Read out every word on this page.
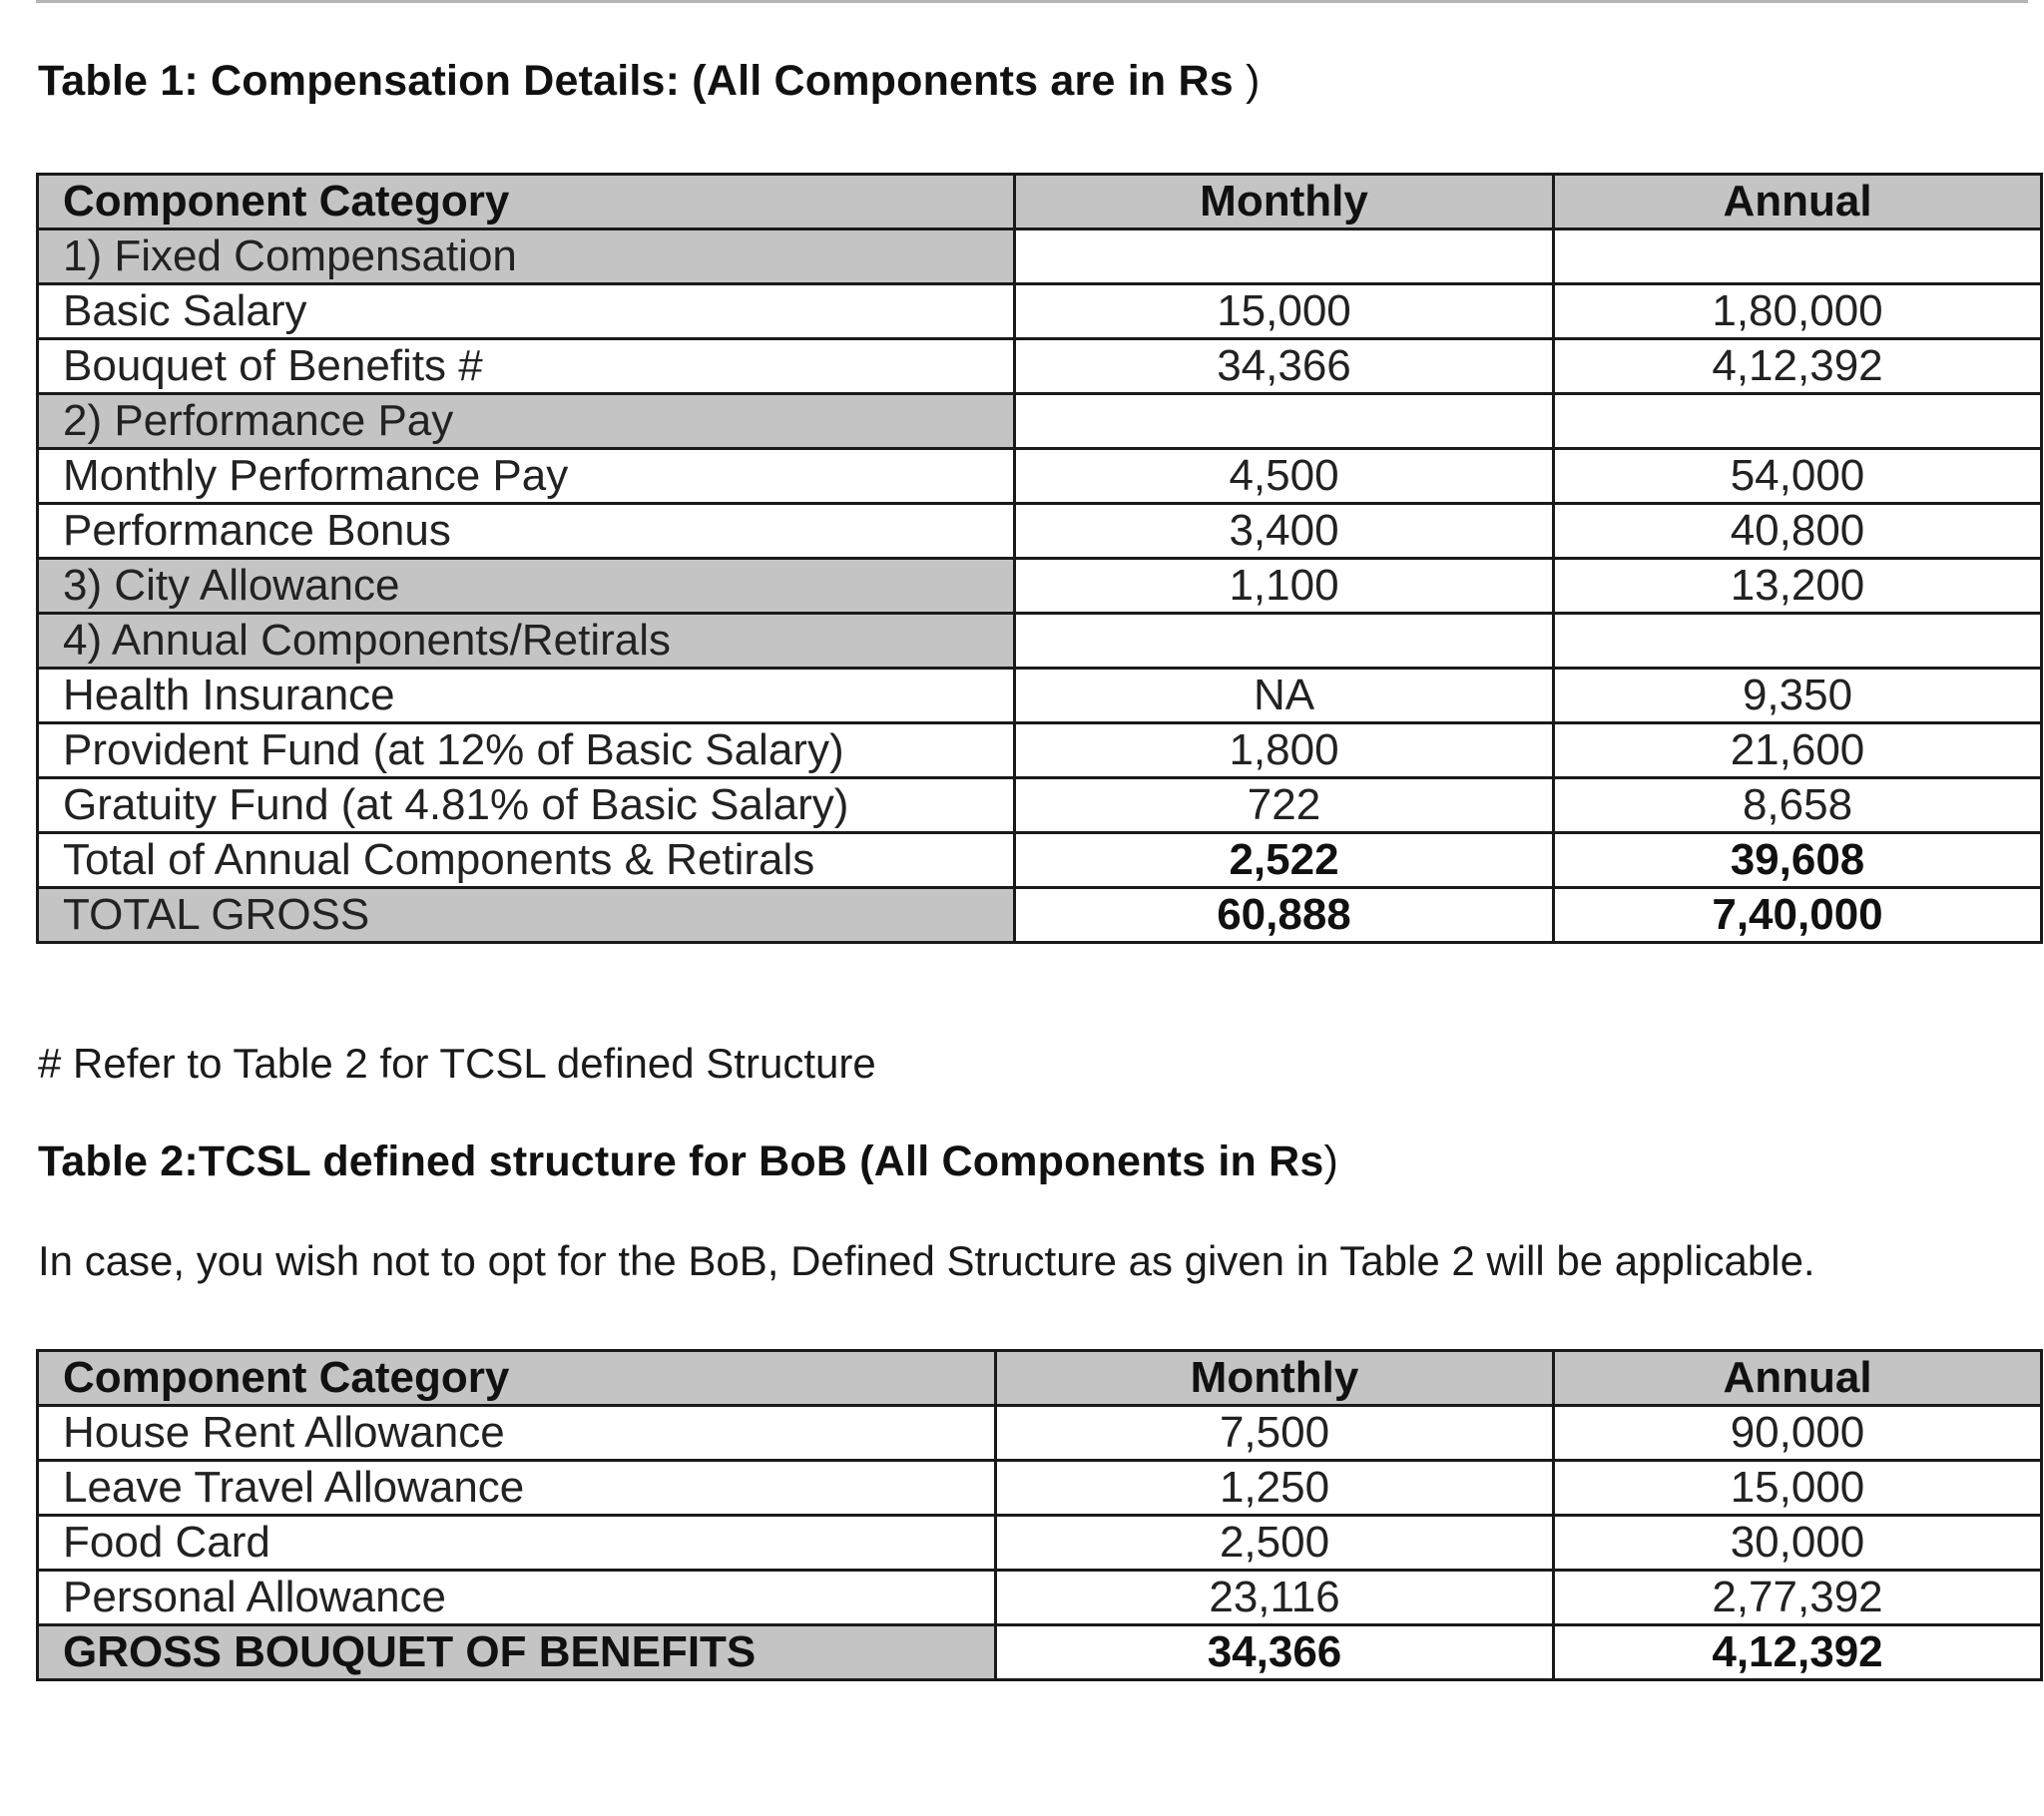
Table 1: Compensation Details: (All Components are in Rs )
Component Category	Monthly	Annual
1) Fixed Compensation		
Basic Salary	15,000	1,80,000
Bouquet of Benefits #	34,366	4,12,392
2) Performance Pay		
Monthly Performance Pay	4,500	54,000
Performance Bonus	3,400	40,800
3) City Allowance	1,100	13,200
4) Annual Components/Retirals		
Health Insurance	NA	9,350
Provident Fund (at 12% of Basic Salary)	1,800	21,600
Gratuity Fund (at 4.81% of Basic Salary)	722	8,658
Total of Annual Components & Retirals	2,522	39,608
TOTAL GROSS	60,888	7,40,000
# Refer to Table 2 for TCSL defined Structure
Table 2:TCSL defined structure for BoB (All Components in Rs)
In case, you wish not to opt for the BoB, Defined Structure as given in Table 2 will be applicable.
Component Category	Monthly	Annual
House Rent Allowance	7,500	90,000
Leave Travel Allowance	1,250	15,000
Food Card	2,500	30,000
Personal Allowance	23,116	2,77,392
GROSS BOUQUET OF BENEFITS	34,366	4,12,392
